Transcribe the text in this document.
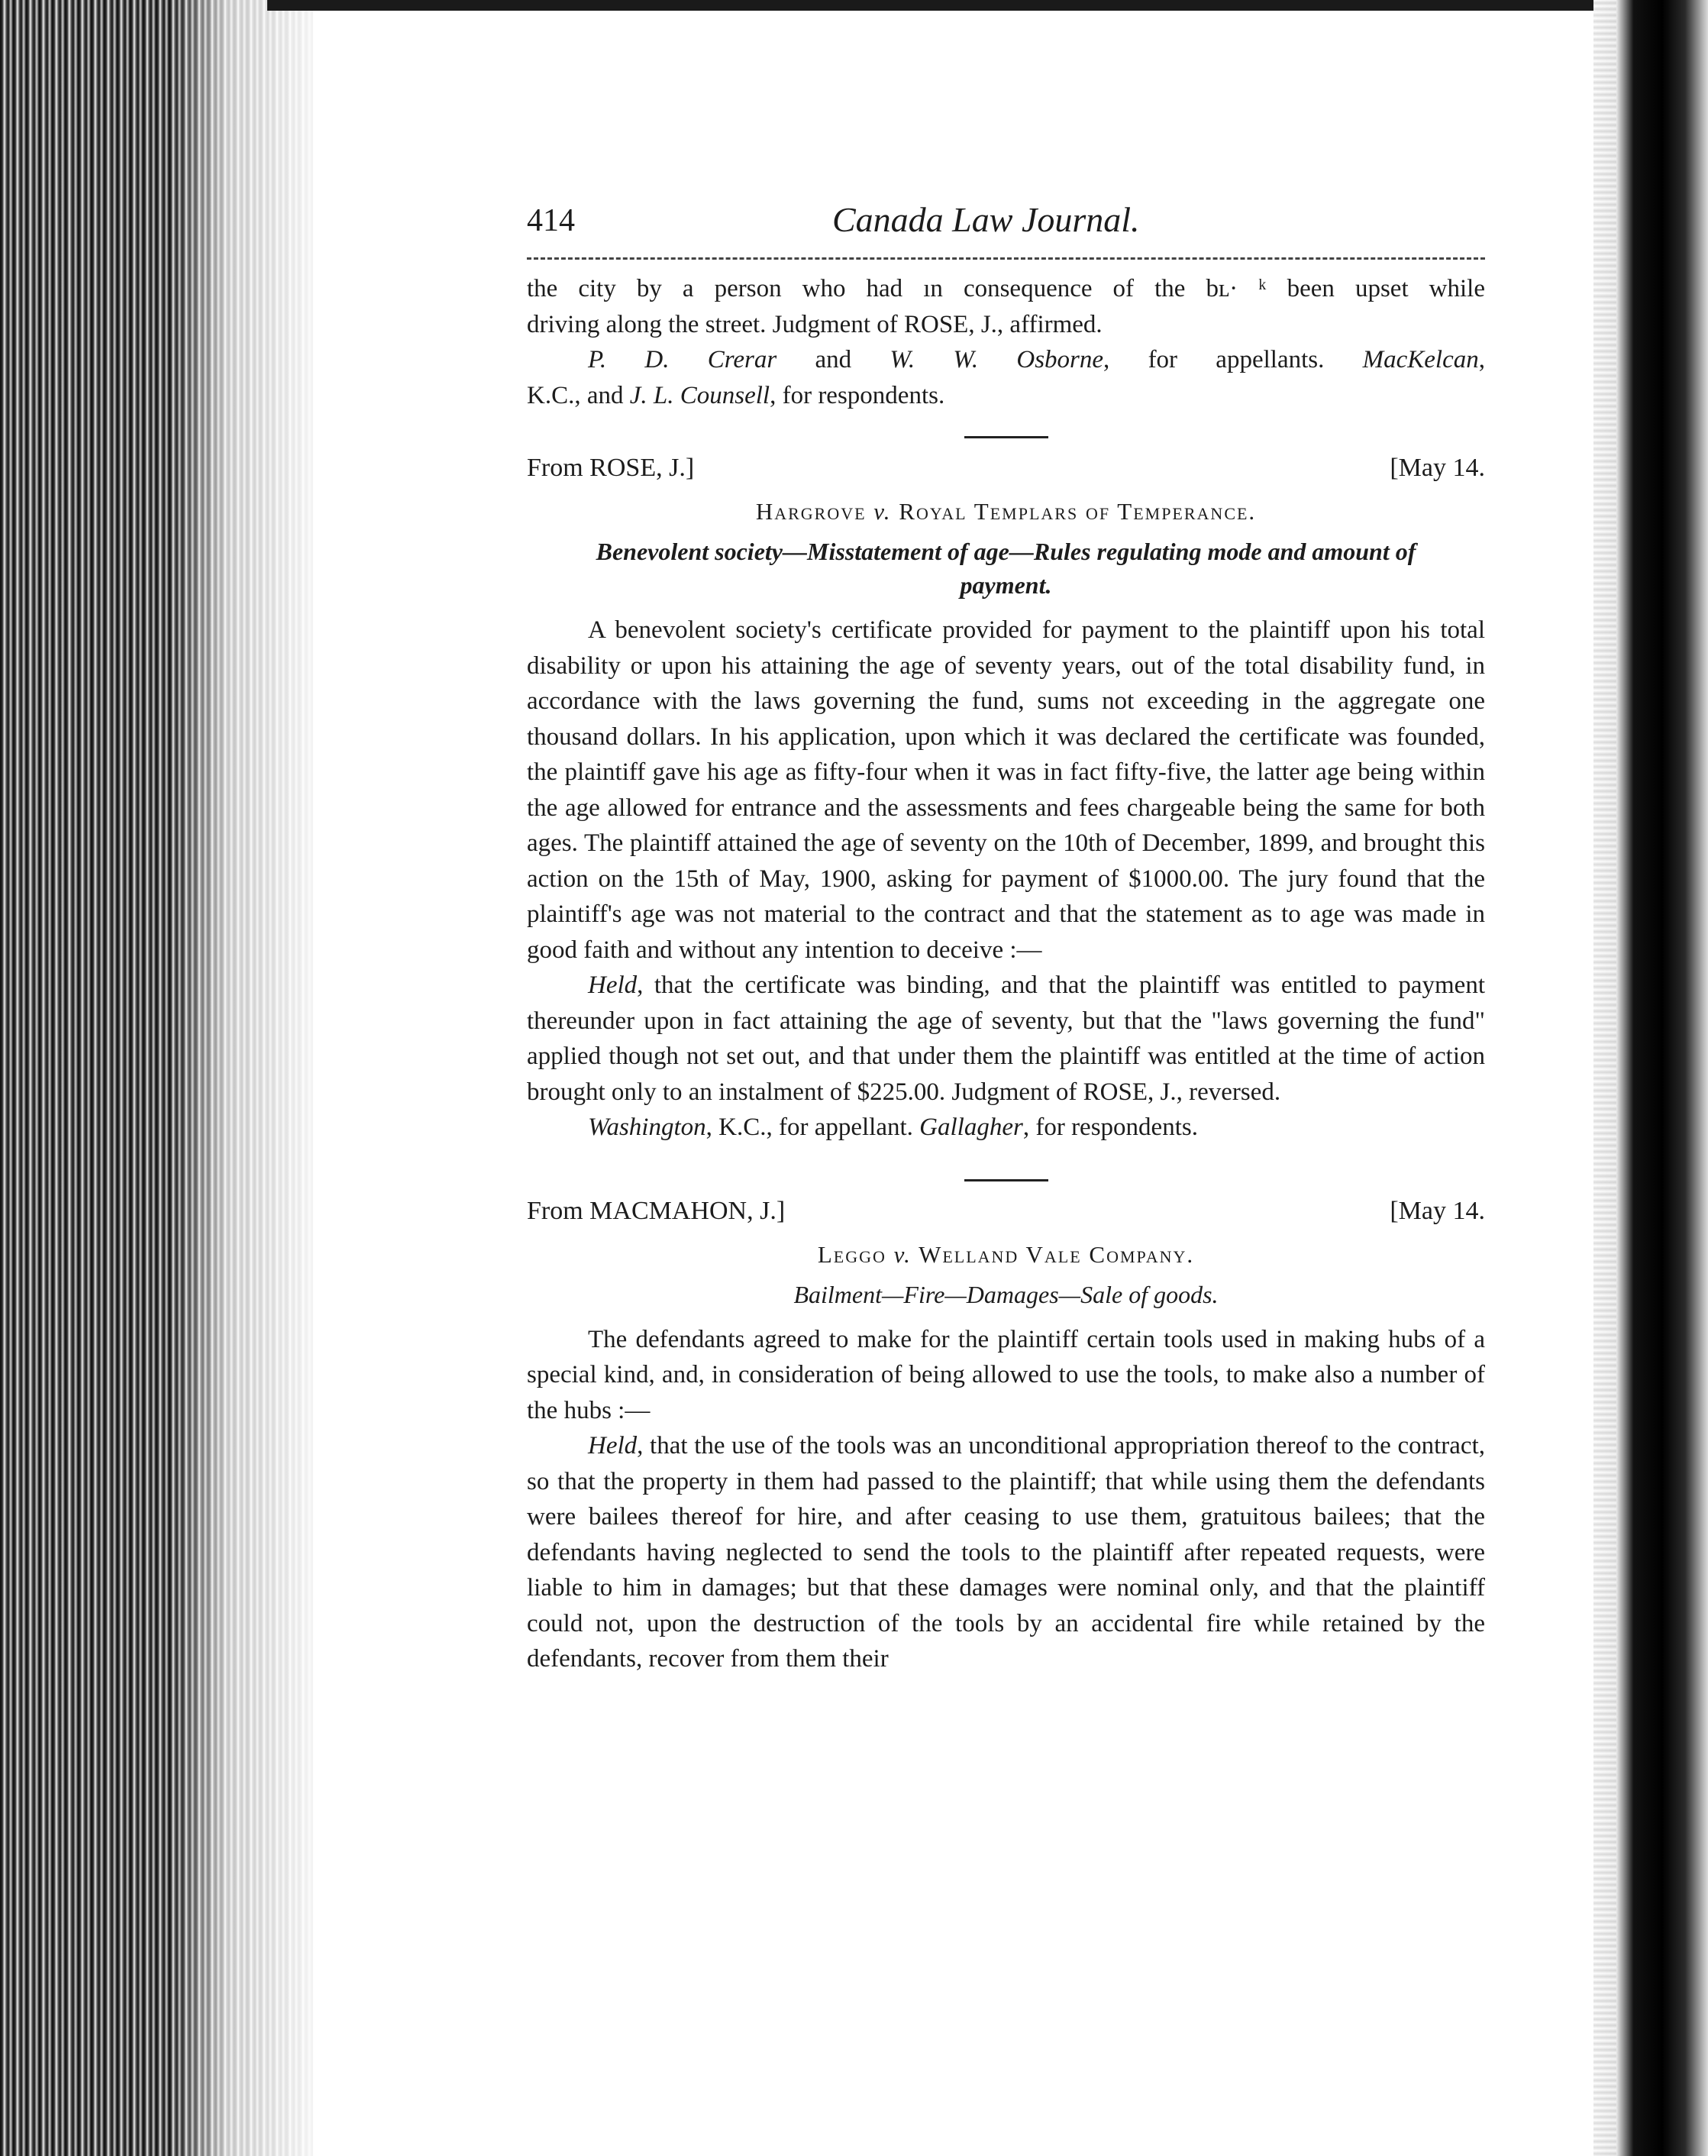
414	Canada Law Journal.

the city by a person who had ın consequence of the bʟ· ᵏ been upset while

driving along the street. Judgment of ROSE, J., affirmed.

P. D. Crerar and W. W. Osborne, for appellants. MacKelcan,

K.C., and J. L. Counsell, for respondents.

From ROSE, J.]	[May 14.
Hargrove v. Royal Templars of Temperance.
Benevolent society—Misstatement of age—Rules regulating mode and amount of payment.

A benevolent society's certificate provided for payment to the plaintiff upon his total disability or upon his attaining the age of seventy years, out of the total disability fund, in accordance with the laws governing the fund, sums not exceeding in the aggregate one thousand dollars. In his application, upon which it was declared the certificate was founded, the plaintiff gave his age as fifty-four when it was in fact fifty-five, the latter age being within the age allowed for entrance and the assessments and fees chargeable being the same for both ages. The plaintiff attained the age of seventy on the 10th of December, 1899, and brought this action on the 15th of May, 1900, asking for payment of $1000.00. The jury found that the plaintiff's age was not material to the contract and that the statement as to age was made in good faith and without any intention to deceive :—

Held, that the certificate was binding, and that the plaintiff was entitled to payment thereunder upon in fact attaining the age of seventy, but that the "laws governing the fund" applied though not set out, and that under them the plaintiff was entitled at the time of action brought only to an instalment of $225.00. Judgment of ROSE, J., reversed.

Washington, K.C., for appellant. Gallagher, for respondents.

From MACMAHON, J.]	[May 14.
Leggo v. Welland Vale Company.
Bailment—Fire—Damages—Sale of goods.

The defendants agreed to make for the plaintiff certain tools used in making hubs of a special kind, and, in consideration of being allowed to use the tools, to make also a number of the hubs :—

Held, that the use of the tools was an unconditional appropriation thereof to the contract, so that the property in them had passed to the plaintiff; that while using them the defendants were bailees thereof for hire, and after ceasing to use them, gratuitous bailees; that the defendants having neglected to send the tools to the plaintiff after repeated requests, were liable to him in damages; but that these damages were nominal only, and that the plaintiff could not, upon the destruction of the tools by an accidental fire while retained by the defendants, recover from them their
